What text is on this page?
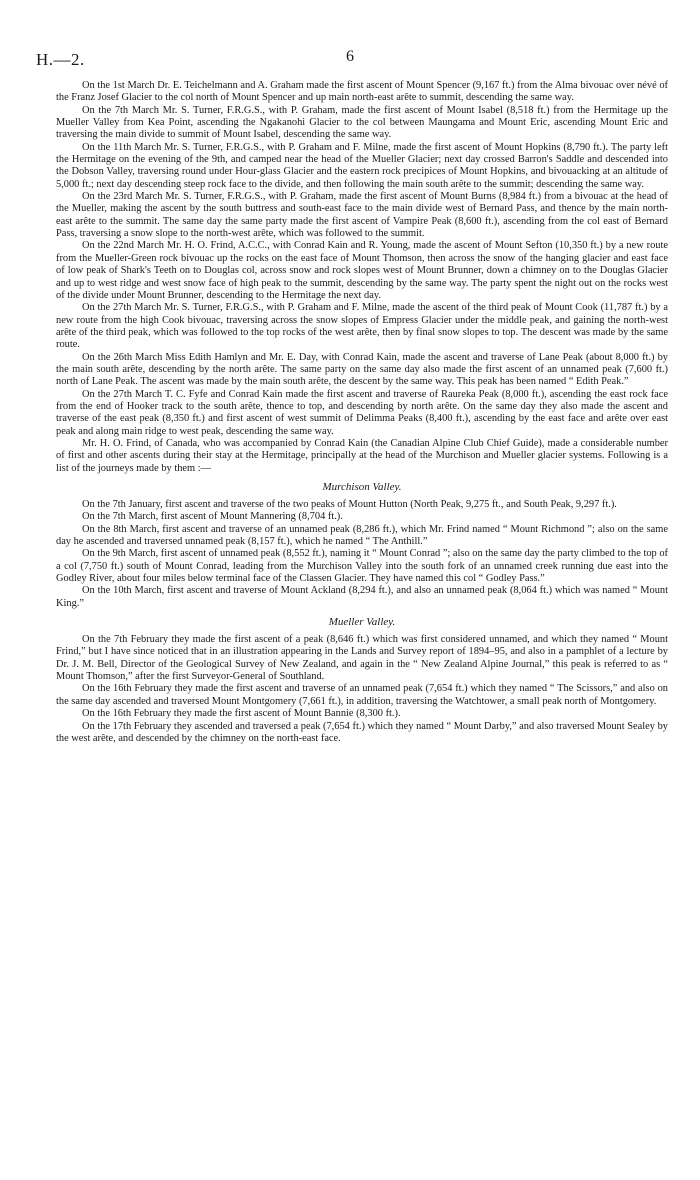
H.—2.	6

On the 1st March Dr. E. Teichelmann and A. Graham made the first ascent of Mount Spencer (9,167 ft.) from the Alma bivouac over névé of the Franz Josef Glacier to the col north of Mount Spencer and up main north-east arête to summit, descending the same way.

On the 7th March Mr. S. Turner, F.R.G.S., with P. Graham, made the first ascent of Mount Isabel (8,518 ft.) from the Hermitage up the Mueller Valley from Kea Point, ascending the Ngakanohi Glacier to the col between Maungama and Mount Eric, ascending Mount Eric and traversing the main divide to summit of Mount Isabel, descending the same way.

On the 11th March Mr. S. Turner, F.R.G.S., with P. Graham and F. Milne, made the first ascent of Mount Hopkins (8,790 ft.). The party left the Hermitage on the evening of the 9th, and camped near the head of the Mueller Glacier; next day crossed Barron's Saddle and descended into the Dobson Valley, traversing round under Hour-glass Glacier and the eastern rock precipices of Mount Hopkins, and bivouacking at an altitude of 5,000 ft.; next day descending steep rock face to the divide, and then following the main south arête to the summit; descending the same way.

On the 23rd March Mr. S. Turner, F.R.G.S., with P. Graham, made the first ascent of Mount Burns (8,984 ft.) from a bivouac at the head of the Mueller, making the ascent by the south buttress and south-east face to the main divide west of Bernard Pass, and thence by the main north-east arête to the summit. The same day the same party made the first ascent of Vampire Peak (8,600 ft.), ascending from the col east of Bernard Pass, traversing a snow slope to the north-west arête, which was followed to the summit.

On the 22nd March Mr. H. O. Frind, A.C.C., with Conrad Kain and R. Young, made the ascent of Mount Sefton (10,350 ft.) by a new route from the Mueller-Green rock bivouac up the rocks on the east face of Mount Thomson, then across the snow of the hanging glacier and east face of low peak of Shark's Teeth on to Douglas col, across snow and rock slopes west of Mount Brunner, down a chimney on to the Douglas Glacier and up to west ridge and west snow face of high peak to the summit, descending by the same way. The party spent the night out on the rocks west of the divide under Mount Brunner, descending to the Hermitage the next day.

On the 27th March Mr. S. Turner, F.R.G.S., with P. Graham and F. Milne, made the ascent of the third peak of Mount Cook (11,787 ft.) by a new route from the high Cook bivouac, traversing across the snow slopes of Empress Glacier under the middle peak, and gaining the north-west arête of the third peak, which was followed to the top rocks of the west arête, then by final snow slopes to top. The descent was made by the same route.

On the 26th March Miss Edith Hamlyn and Mr. E. Day, with Conrad Kain, made the ascent and traverse of Lane Peak (about 8,000 ft.) by the main south arête, descending by the north arête. The same party on the same day also made the first ascent of an unnamed peak (7,600 ft.) north of Lane Peak. The ascent was made by the main south arête, the descent by the same way. This peak has been named “ Edith Peak.”

On the 27th March T. C. Fyfe and Conrad Kain made the first ascent and traverse of Raureka Peak (8,000 ft.), ascending the east rock face from the end of Hooker track to the south arête, thence to top, and descending by north arête. On the same day they also made the ascent and traverse of the east peak (8,350 ft.) and first ascent of west summit of Delimma Peaks (8,400 ft.), ascending by the east face and arête over east peak and along main ridge to west peak, descending the same way.

Mr. H. O. Frind, of Canada, who was accompanied by Conrad Kain (the Canadian Alpine Club Chief Guide), made a considerable number of first and other ascents during their stay at the Hermitage, principally at the head of the Murchison and Mueller glacier systems. Following is a list of the journeys made by them :—

Murchison Valley.

On the 7th January, first ascent and traverse of the two peaks of Mount Hutton (North Peak, 9,275 ft., and South Peak, 9,297 ft.).

On the 7th March, first ascent of Mount Mannering (8,704 ft.).

On the 8th March, first ascent and traverse of an unnamed peak (8,286 ft.), which Mr. Frind named “ Mount Richmond ”; also on the same day he ascended and traversed unnamed peak (8,157 ft.), which he named “ The Anthill.”

On the 9th March, first ascent of unnamed peak (8,552 ft.), naming it “ Mount Conrad ”; also on the same day the party climbed to the top of a col (7,750 ft.) south of Mount Conrad, leading from the Murchison Valley into the south fork of an unnamed creek running due east into the Godley River, about four miles below terminal face of the Classen Glacier. They have named this col “ Godley Pass.”

On the 10th March, first ascent and traverse of Mount Ackland (8,294 ft.), and also an unnamed peak (8,064 ft.) which was named “ Mount King.”

Mueller Valley.

On the 7th February they made the first ascent of a peak (8,646 ft.) which was first considered unnamed, and which they named “ Mount Frind,” but I have since noticed that in an illustration appearing in the Lands and Survey report of 1894–95, and also in a pamphlet of a lecture by Dr. J. M. Bell, Director of the Geological Survey of New Zealand, and again in the “ New Zealand Alpine Journal,” this peak is referred to as “ Mount Thomson,” after the first Surveyor-General of Southland.

On the 16th February they made the first ascent and traverse of an unnamed peak (7,654 ft.) which they named “ The Scissors,” and also on the same day ascended and traversed Mount Montgomery (7,661 ft.), in addition, traversing the Watchtower, a small peak north of Montgomery.

On the 16th February they made the first ascent of Mount Bannie (8,300 ft.).

On the 17th February they ascended and traversed a peak (7,654 ft.) which they named “ Mount Darby,” and also traversed Mount Sealey by the west arête, and descended by the chimney on the north-east face.
